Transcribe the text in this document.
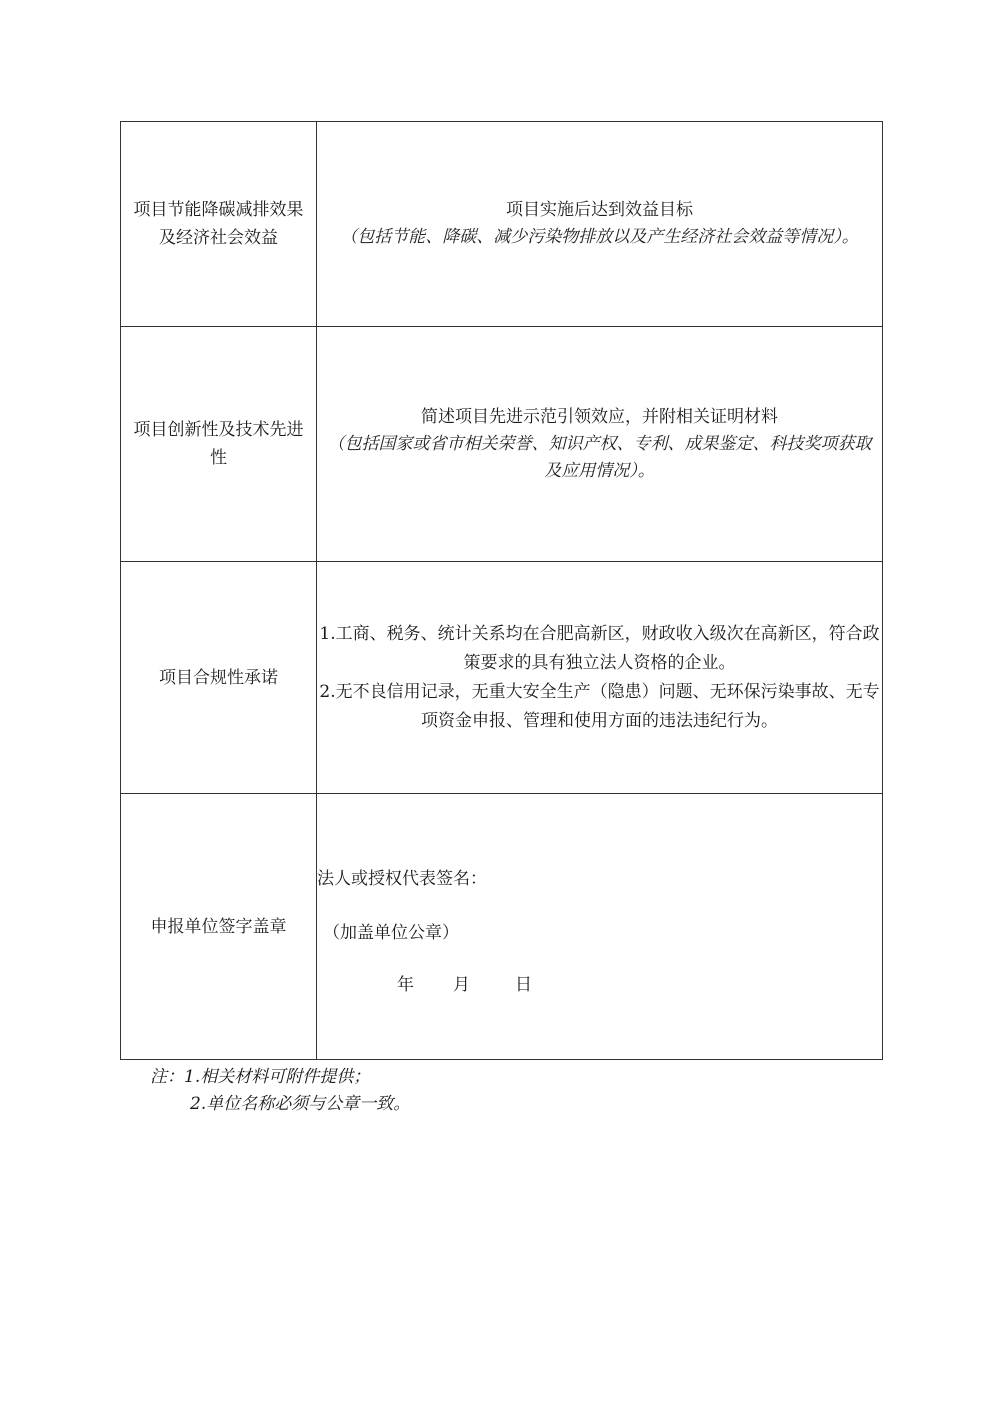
项目节能降碳减排效果及经济社会效益	项目实施后达到效益目标
（包括节能、降碳、减少污染物排放以及产生经济社会效益等情况）。

项目创新性及技术先进性	简述项目先进示范引领效应，并附相关证明材料
（包括国家或省市相关荣誉、知识产权、专利、成果鉴定、科技奖项获取及应用情况）。

项目合规性承诺	1.工商、税务、统计关系均在合肥高新区，财政收入级次在高新区，符合政策要求的具有独立法人资格的企业。
2.无不良信用记录，无重大安全生产（隐患）问题、无环保污染事故、无专项资金申报、管理和使用方面的违法违纪行为。

申报单位签字盖章	法人或授权代表签名：
（加盖单位公章）
年 月 日
注：1.相关材料可附件提供；
2.单位名称必须与公章一致。
